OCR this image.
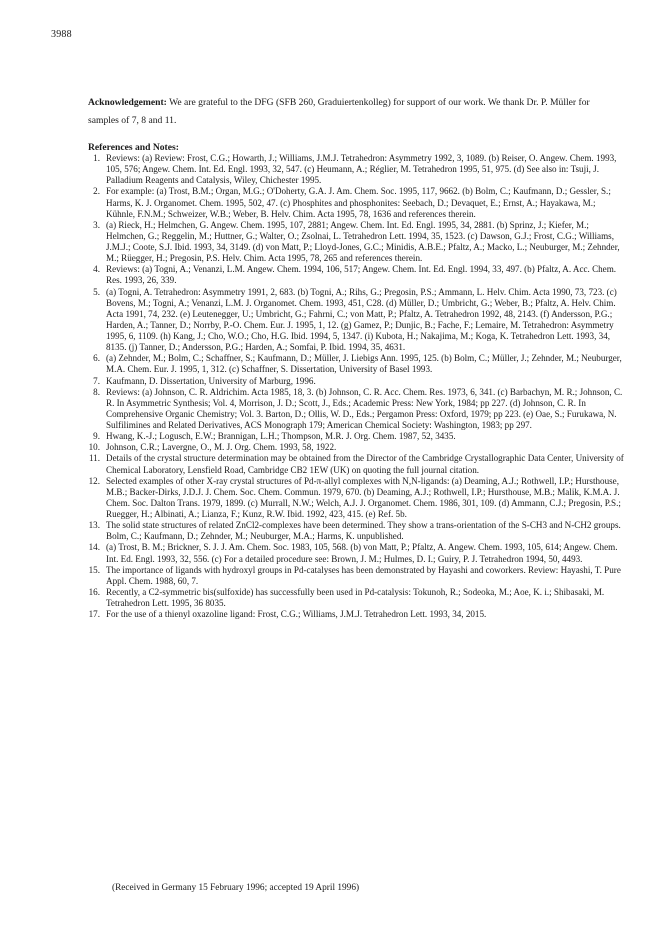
3988
Acknowledgement: We are grateful to the DFG (SFB 260, Graduiertenkolleg) for support of our work. We thank Dr. P. Müller for samples of 7, 8 and 11.
References and Notes:
1. Reviews: (a) Review: Frost, C.G.; Howarth, J.; Williams, J.M.J. Tetrahedron: Asymmetry 1992, 3, 1089. (b) Reiser, O. Angew. Chem. 1993, 105, 576; Angew. Chem. Int. Ed. Engl. 1993, 32, 547. (c) Heumann, A.; Réglier, M. Tetrahedron 1995, 51, 975. (d) See also in: Tsuji, J. Palladium Reagents and Catalysis, Wiley, Chichester 1995.
2. For example: (a) Trost, B.M.; Organ, M.G.; O'Doherty, G.A. J. Am. Chem. Soc. 1995, 117, 9662. (b) Bolm, C.; Kaufmann, D.; Gessler, S.; Harms, K. J. Organomet. Chem. 1995, 502, 47. (c) Phosphites and phosphonites: Seebach, D.; Devaquet, E.; Ernst, A.; Hayakawa, M.; Kühnle, F.N.M.; Schweizer, W.B.; Weber, B. Helv. Chim. Acta 1995, 78, 1636 and references therein.
3. (a) Rieck, H.; Helmchen, G. Angew. Chem. 1995, 107, 2881; Angew. Chem. Int. Ed. Engl. 1995, 34, 2881. (b) Sprinz, J.; Kiefer, M.; Helmchen, G.; Reggelin, M.; Huttner, G.; Walter, O.; Zsolnai, L. Tetrahedron Lett. 1994, 35, 1523. (c) Dawson, G.J.; Frost, C.G.; Williams, J.M.J.; Coote, S.J. Ibid. 1993, 34, 3149. (d) von Matt, P.; Lloyd-Jones, G.C.; Minidis, A.B.E.; Pfaltz, A.; Macko, L.; Neuburger, M.; Zehnder, M.; Rüegger, H.; Pregosin, P.S. Helv. Chim. Acta 1995, 78, 265 and references therein.
4. Reviews: (a) Togni, A.; Venanzi, L.M. Angew. Chem. 1994, 106, 517; Angew. Chem. Int. Ed. Engl. 1994, 33, 497. (b) Pfaltz, A. Acc. Chem. Res. 1993, 26, 339.
5. (a) Togni, A. Tetrahedron: Asymmetry 1991, 2, 683. (b) Togni, A.; Rihs, G.; Pregosin, P.S.; Ammann, L. Helv. Chim. Acta 1990, 73, 723. (c) Bovens, M.; Togni, A.; Venanzi, L.M. J. Organomet. Chem. 1993, 451, C28. (d) Müller, D.; Umbricht, G.; Weber, B.; Pfaltz, A. Helv. Chim. Acta 1991, 74, 232. (e) Leutenegger, U.; Umbricht, G.; Fahrni, C.; von Matt, P.; Pfaltz, A. Tetrahedron 1992, 48, 2143. (f) Andersson, P.G.; Harden, A.; Tanner, D.; Norrby, P.-O. Chem. Eur. J. 1995, 1, 12. (g) Gamez, P.; Dunjic, B.; Fache, F.; Lemaire, M. Tetrahedron: Asymmetry 1995, 6, 1109. (h) Kang, J.; Cho, W.O.; Cho, H.G. Ibid. 1994, 5, 1347. (i) Kubota, H.; Nakajima, M.; Koga, K. Tetrahedron Lett. 1993, 34, 8135. (j) Tanner, D.; Andersson, P.G.; Harden, A.; Somfai, P. Ibid. 1994, 35, 4631.
6. (a) Zehnder, M.; Bolm, C.; Schaffner, S.; Kaufmann, D.; Müller, J. Liebigs Ann. 1995, 125. (b) Bolm, C.; Müller, J.; Zehnder, M.; Neuburger, M.A. Chem. Eur. J. 1995, 1, 312. (c) Schaffner, S. Dissertation, University of Basel 1993.
7. Kaufmann, D. Dissertation, University of Marburg, 1996.
8. Reviews: (a) Johnson, C. R. Aldrichim. Acta 1985, 18, 3. (b) Johnson, C. R. Acc. Chem. Res. 1973, 6, 341. (c) Barbachyn, M. R.; Johnson, C. R. In Asymmetric Synthesis; Vol. 4, Morrison, J. D.; Scott, J., Eds.; Academic Press: New York, 1984; pp 227. (d) Johnson, C. R. In Comprehensive Organic Chemistry; Vol. 3. Barton, D.; Ollis, W. D., Eds.; Pergamon Press: Oxford, 1979; pp 223. (e) Oae, S.; Furukawa, N. Sulfilimines and Related Derivatives, ACS Monograph 179; American Chemical Society: Washington, 1983; pp 297.
9. Hwang, K.-J.; Logusch, E.W.; Brannigan, L.H.; Thompson, M.R. J. Org. Chem. 1987, 52, 3435.
10. Johnson, C.R.; Lavergne, O., M. J. Org. Chem. 1993, 58, 1922.
11. Details of the crystal structure determination may be obtained from the Director of the Cambridge Crystallographic Data Center, University of Chemical Laboratory, Lensfield Road, Cambridge CB2 1EW (UK) on quoting the full journal citation.
12. Selected examples of other X-ray crystal structures of Pd-π-allyl complexes with N,N-ligands: (a) Deaming, A.J.; Rothwell, I.P.; Hursthouse, M.B.; Backer-Dirks, J.D.J. J. Chem. Soc. Chem. Commun. 1979, 670. (b) Deaming, A.J.; Rothwell, I.P.; Hursthouse, M.B.; Malik, K.M.A. J. Chem. Soc. Dalton Trans. 1979, 1899. (c) Murrall, N.W.; Welch, A.J. J. Organomet. Chem. 1986, 301, 109. (d) Ammann, C.J.; Pregosin, P.S.; Ruegger, H.; Albinati, A.; Lianza, F.; Kunz, R.W. Ibid. 1992, 423, 415. (e) Ref. 5b.
13. The solid state structures of related ZnCl2-complexes have been determined. They show a trans-orientation of the S-CH3 and N-CH2 groups. Bolm, C.; Kaufmann, D.; Zehnder, M.; Neuburger, M.A.; Harms, K. unpublished.
14. (a) Trost, B. M.; Brickner, S. J. J. Am. Chem. Soc. 1983, 105, 568. (b) von Matt, P.; Pfaltz, A. Angew. Chem. 1993, 105, 614; Angew. Chem. Int. Ed. Engl. 1993, 32, 556. (c) For a detailed procedure see: Brown, J. M.; Hulmes, D. I.; Guiry, P. J. Tetrahedron 1994, 50, 4493.
15. The importance of ligands with hydroxyl groups in Pd-catalyses has been demonstrated by Hayashi and coworkers. Review: Hayashi, T. Pure Appl. Chem. 1988, 60, 7.
16. Recently, a C2-symmetric bis(sulfoxide) has successfully been used in Pd-catalysis: Tokunoh, R.; Sodeoka, M.; Aoe, K. i.; Shibasaki, M. Tetrahedron Lett. 1995, 36 8035.
17. For the use of a thienyl oxazoline ligand: Frost, C.G.; Williams, J.M.J. Tetrahedron Lett. 1993, 34, 2015.
(Received in Germany 15 February 1996; accepted 19 April 1996)
